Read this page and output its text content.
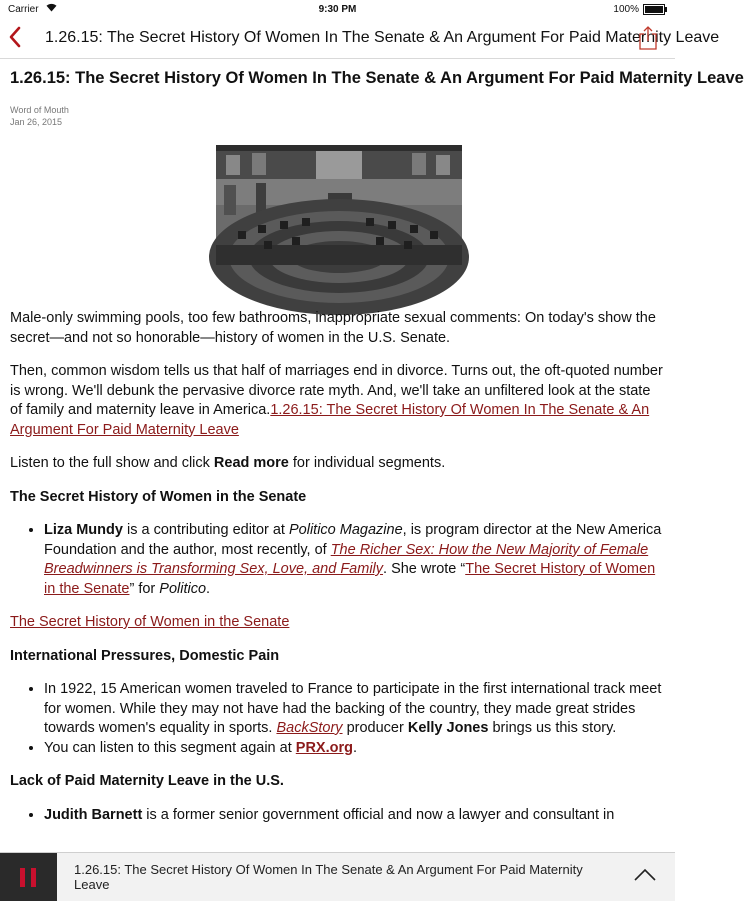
Carrier	9:30 PM	100%
1.26.15: The Secret History Of Women In The Senate & An Argument For Paid Maternity Leave
1.26.15: The Secret History Of Women In The Senate & An Argument For Paid Maternity Leave
Word of Mouth
Jan 26, 2015

Male-only swimming pools, too few bathrooms, inappropriate sexual comments: On today's show the secret—and not so honorable—history of women in the U.S. Senate.

Then, common wisdom tells us that half of marriages end in divorce. Turns out, the oft-quoted number is wrong. We'll debunk the pervasive divorce rate myth. And, we'll take an unfiltered look at the state of family and maternity leave in America.1.26.15: The Secret History Of Women In The Senate & An Argument For Paid Maternity Leave

Listen to the full show and click Read more for individual segments.

The Secret History of Women in the Senate
• Liza Mundy is a contributing editor at Politico Magazine, is program director at the New America Foundation and the author, most recently, of The Richer Sex: How the New Majority of Female Breadwinners is Transforming Sex, Love, and Family. She wrote “The Secret History of Women in the Senate” for Politico.

The Secret History of Women in the Senate

International Pressures, Domestic Pain
• In 1922, 15 American women traveled to France to participate in the first international track meet for women. While they may not have had the backing of the country, they made great strides towards women's equality in sports. BackStory producer Kelly Jones brings us this story.
• You can listen to this segment again at PRX.org.
Lack of Paid Maternity Leave in the U.S.
• Judith Barnett is a former senior government official and now a lawyer and consultant in
1.26.15: The Secret History Of Women In The Senate & An Argument For Paid Maternity Leave
